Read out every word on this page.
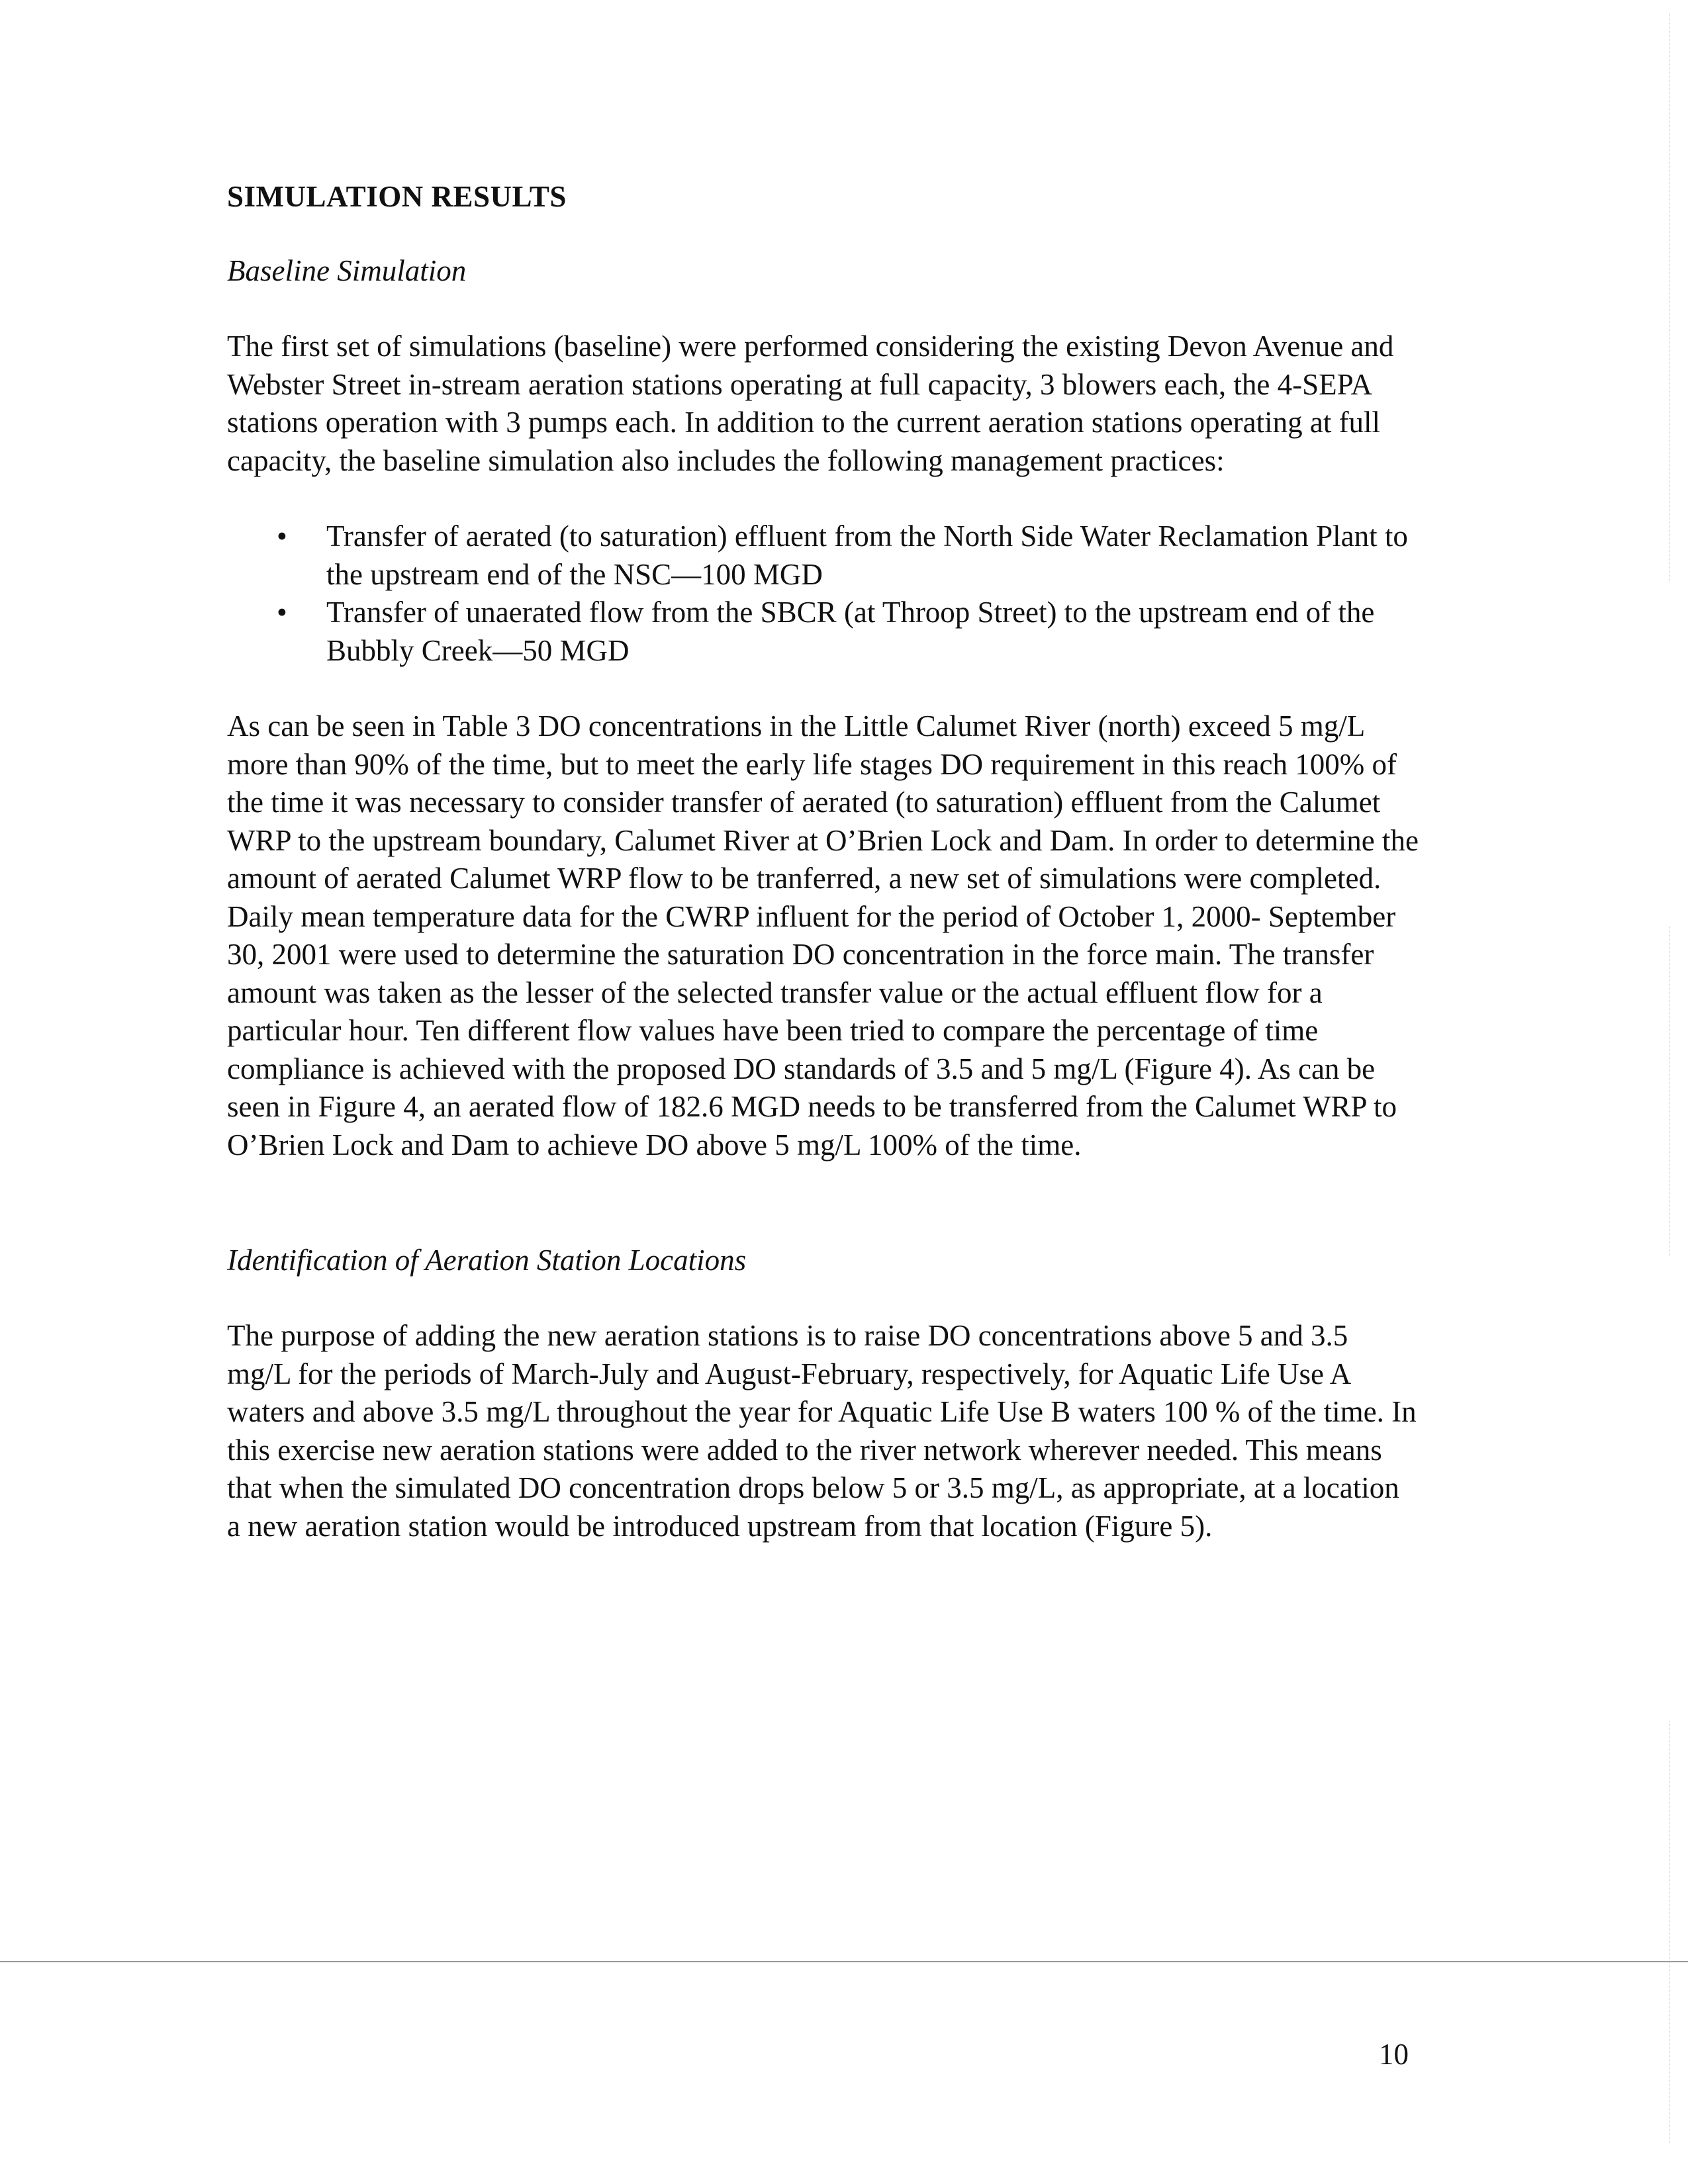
SIMULATION RESULTS
Baseline Simulation

The first set of simulations (baseline) were performed considering the existing Devon Avenue and Webster Street in-stream aeration stations operating at full capacity, 3 blowers each, the 4-SEPA stations operation with 3 pumps each. In addition to the current aeration stations operating at full capacity, the baseline simulation also includes the following management practices:

• Transfer of aerated (to saturation) effluent from the North Side Water Reclamation Plant to the upstream end of the NSC—100 MGD
• Transfer of unaerated flow from the SBCR (at Throop Street) to the upstream end of the Bubbly Creek—50 MGD

As can be seen in Table 3 DO concentrations in the Little Calumet River (north) exceed 5 mg/L more than 90% of the time, but to meet the early life stages DO requirement in this reach 100% of the time it was necessary to consider transfer of aerated (to saturation) effluent from the Calumet WRP to the upstream boundary, Calumet River at O’Brien Lock and Dam. In order to determine the amount of aerated Calumet WRP flow to be tranferred, a new set of simulations were completed. Daily mean temperature data for the CWRP influent for the period of October 1, 2000- September 30, 2001 were used to determine the saturation DO concentration in the force main. The transfer amount was taken as the lesser of the selected transfer value or the actual effluent flow for a particular hour. Ten different flow values have been tried to compare the percentage of time compliance is achieved with the proposed DO standards of 3.5 and 5 mg/L (Figure 4). As can be seen in Figure 4, an aerated flow of 182.6 MGD needs to be transferred from the Calumet WRP to O’Brien Lock and Dam to achieve DO above 5 mg/L 100% of the time.

Identification of Aeration Station Locations

The purpose of adding the new aeration stations is to raise DO concentrations above 5 and 3.5 mg/L for the periods of March-July and August-February, respectively, for Aquatic Life Use A waters and above 3.5 mg/L throughout the year for Aquatic Life Use B waters 100 % of the time. In this exercise new aeration stations were added to the river network wherever needed. This means that when the simulated DO concentration drops below 5 or 3.5 mg/L, as appropriate, at a location a new aeration station would be introduced upstream from that location (Figure 5).

10
